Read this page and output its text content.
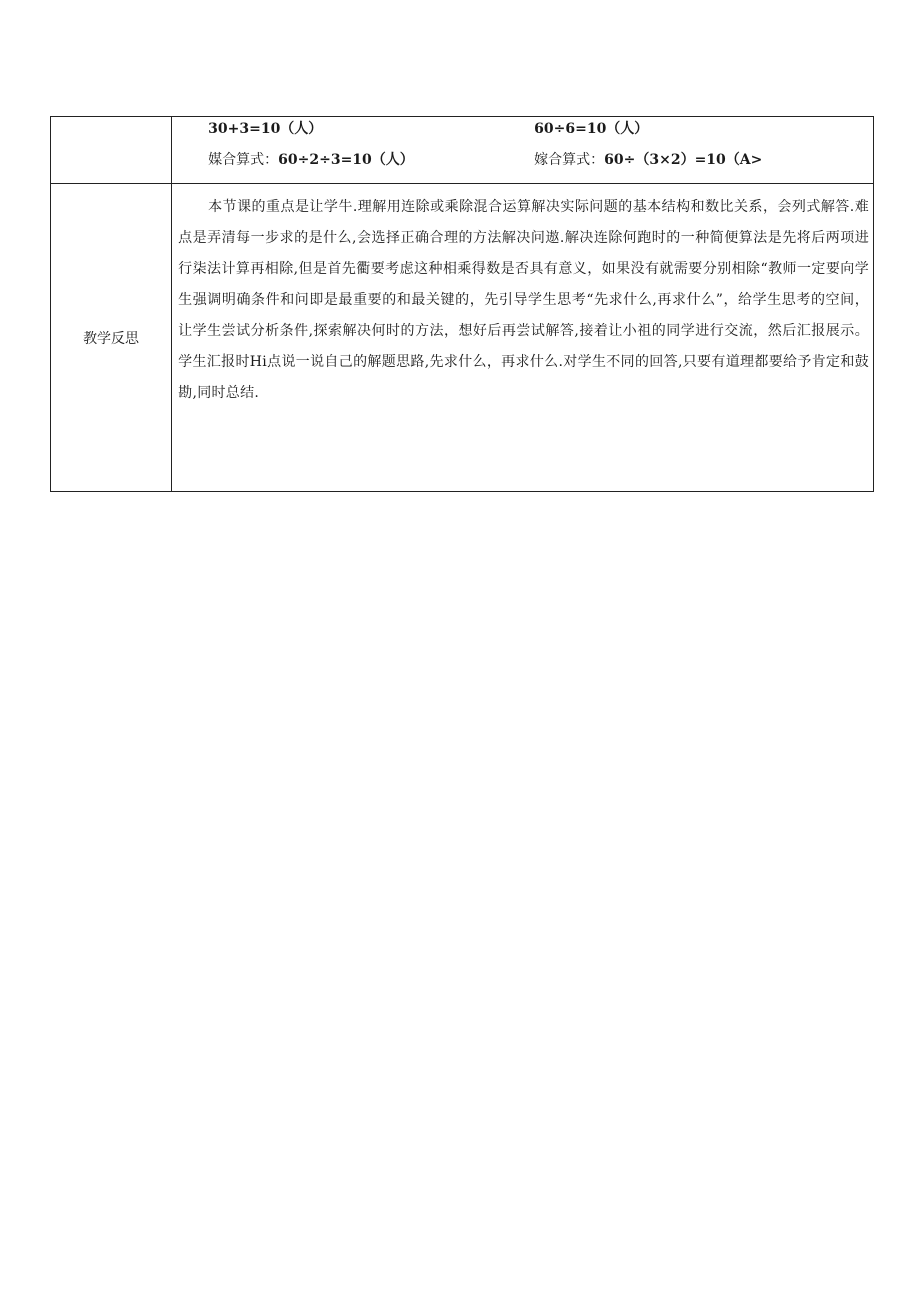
	30+3=10（人） 60÷6=10（人）
媒合算式：60÷2÷3=10（人） 嫁合算式：60÷（3×2）=10（A>

教学反思	本节课的重点是让学牛.理解用连除或乘除混合运算解决实际问题的基本结构和数比关系，会列式解答.难点是弄清每一步求的是什么,会选择正确合理的方法解决问遨.解决连除何跑时的一种简便算法是先将后两项进行柒法计算再相除,但是首先衢要考虑这种相乘得数是否具有意义，如果没有就需要分别相除“教师一定要向学生强调明确条件和问即是最重要的和最关键的，先引导学生思考“先求什么,再求什么”，给学生思考的空间，让学生尝试分析条件,探索解决何时的方法，想好后再尝试解答,接着让小祖的同学进行交流，然后汇报展示。学生汇报时Hi点说一说自己的解题思路,先求什么，再求什么.对学生不同的回答,只要有道理都要给予肯定和鼓勘,同时总结.
